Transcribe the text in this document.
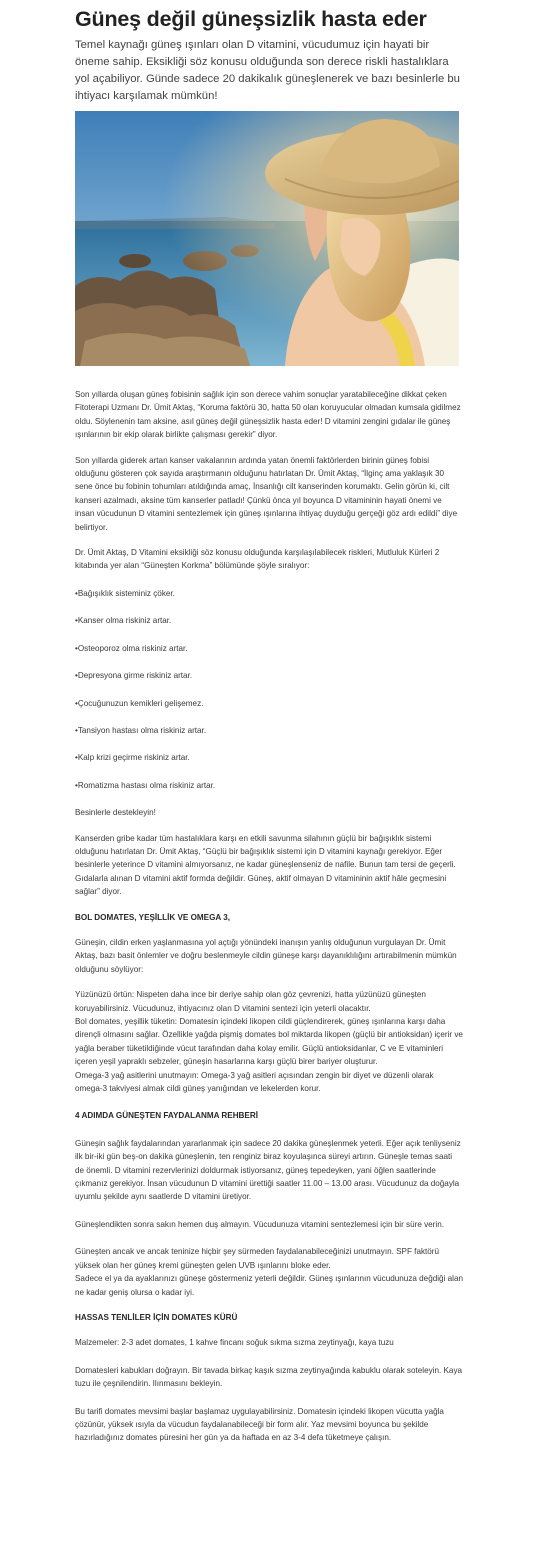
Güneş değil güneşsizlik hasta eder

Temel kaynağı güneş ışınları olan D vitamini, vücudumuz için hayati bir öneme sahip. Eksikliği söz konusu olduğunda son derece riskli hastalıklara yol açabiliyor. Günde sadece 20 dakikalık güneşlenerek ve bazı besinlerle bu ihtiyacı karşılamak mümkün!

Son yıllarda oluşan güneş fobisinin sağlık için son derece vahim sonuçlar yaratabileceğine dikkat çeken Fitoterapi Uzmanı Dr. Ümit Aktaş, “Koruma faktörü 30, hatta 50 olan koruyucular olmadan kumsala gidilmez oldu. Söylenenin tam aksine, asıl güneş değil güneşsizlik hasta eder! D vitamini zengini gıdalar ile güneş ışınlarının bir ekip olarak birlikte çalışması gerekir” diyor.

Son yıllarda giderek artan kanser vakalarının ardında yatan önemli faktörlerden birinin güneş fobisi olduğunu gösteren çok sayıda araştırmanın olduğunu hatırlatan Dr. Ümit Aktaş, “İlginç ama yaklaşık 30 sene önce bu fobinin tohumları atıldığında amaç, İnsanlığı cilt kanserinden korumaktı. Gelin görün ki, cilt kanseri azalmadı, aksine tüm kanserler patladı! Çünkü önca yıl boyunca D vitamininin hayati önemi ve insan vücudunun D vitamini sentezlemek için güneş ışınlarına ihtiyaç duyduğu gerçeği göz ardı edildi” diye belirtiyor.

Dr. Ümit Aktaş, D Vitamini eksikliği söz konusu olduğunda karşılaşılabilecek riskleri, Mutluluk Kürleri 2 kitabında yer alan “Güneşten Korkma” bölümünde şöyle sıralıyor:

•Bağışıklık sisteminiz çöker.

•Kanser olma riskiniz artar.

•Osteoporoz olma riskiniz artar.

•Depresyona girme riskiniz artar.

•Çocuğunuzun kemikleri gelişemez.

•Tansiyon hastası olma riskiniz artar.

•Kalp krizi geçirme riskiniz artar.

•Romatizma hastası olma riskiniz artar.

Besinlerle destekleyin!

Kanserden gribe kadar tüm hastalıklara karşı en etkili savunma silahının güçlü bir bağışıklık sistemi olduğunu hatırlatan Dr. Ümit Aktaş, “Güçlü bir bağışıklık sistemi için D vitamini kaynağı gerekiyor. Eğer besinlerle yeterince D vitamini almıyorsanız, ne kadar güneşlenseniz de nafile. Bunun tam tersi de geçerli. Gıdalarla alınan D vitamini aktif formda değildir. Güneş, aktif olmayan D vitamininin aktif hâle geçmesini sağlar” diyor.

BOL DOMATES, YEŞİLLİK VE OMEGA 3,

Güneşin, cildin erken yaşlanmasına yol açtığı yönündeki inanışın yanlış olduğunun vurgulayan Dr. Ümit Aktaş, bazı basit önlemler ve doğru beslenmeyle cildin güneşe karşı dayanıklılığını artırabilmenin mümkün olduğunu söylüyor:

Yüzünüzü örtün: Nispeten daha ince bir deriye sahip olan göz çevrenizi, hatta yüzünüzü güneşten koruyabilirsiniz. Vücudunuz, ihtiyacınız olan D vitamini sentezi için yeterli olacaktır.

Bol domates, yeşillik tüketin: Domatesin içindeki likopen cildi güçlendirerek, güneş ışınlarına karşı daha dirençli olmasını sağlar. Özellikle yağda pişmiş domates bol miktarda likopen (güçlü bir antioksidan) içerir ve yağla beraber tüketildiğinde vücut tarafından daha kolay emilir. Güçlü antioksidanlar, C ve E vitaminleri içeren yeşil yapraklı sebzeler, güneşin hasarlarına karşı güçlü birer bariyer oluşturur.

Omega-3 yağ asitlerini unutmayın: Omega-3 yağ asitleri açısından zengin bir diyet ve düzenli olarak omega-3 takviyesi almak cildi güneş yanığından ve lekelerden korur.

4 ADIMDA GÜNEŞTEN FAYDALANMA REHBERİ

Güneşin sağlık faydalarından yararlanmak için sadece 20 dakika güneşlenmek yeterli. Eğer açık tenliyseniz ilk bir-iki gün beş-on dakika güneşlenin, ten renginiz biraz koyulaşınca süreyi artırın. Güneşle temas saati de önemli. D vitamini rezervlerinizi doldurmak istiyorsanız, güneş tepedeyken, yani öğlen saatlerinde çıkmanız gerekiyor. İnsan vücudunun D vitamini ürettiği saatler 11.00 – 13.00 arası. Vücudunuz da doğayla uyumlu şekilde aynı saatlerde D vitamini üretiyor.

Güneşlendikten sonra sakın hemen duş almayın. Vücudunuza vitamini sentezlemesi için bir süre verin.

Güneşten ancak ve ancak teninize hiçbir şey sürmeden faydalanabileceğinizi unutmayın. SPF faktörü yüksek olan her güneş kremi güneşten gelen UVB ışınlarını bloke eder.

Sadece el ya da ayaklarınızı güneşe göstermeniz yeterli değildir. Güneş ışınlarının vücudunuza değdiği alan ne kadar geniş olursa o kadar iyi.

HASSAS TENLİLER İÇİN DOMATES KÜRÜ

Malzemeler: 2-3 adet domates, 1 kahve fincanı soğuk sıkma sızma zeytinyağı, kaya tuzu

Domatesleri kabukları doğrayın. Bir tavada birkaç kaşık sızma zeytinyağında kabuklu olarak soteleyin. Kaya tuzu ile çeşnilendirin. Ilınmasını bekleyin.

Bu tarifi domates mevsimi başlar başlamaz uygulayabilirsiniz. Domatesin içindeki likopen vücutta yağla çözünür, yüksek ısıyla da vücudun faydalanabileceği bir form alır. Yaz mevsimi boyunca bu şekilde hazırladığınız domates püresini her gün ya da haftada en az 3-4 defa tüketmeye çalışın.
